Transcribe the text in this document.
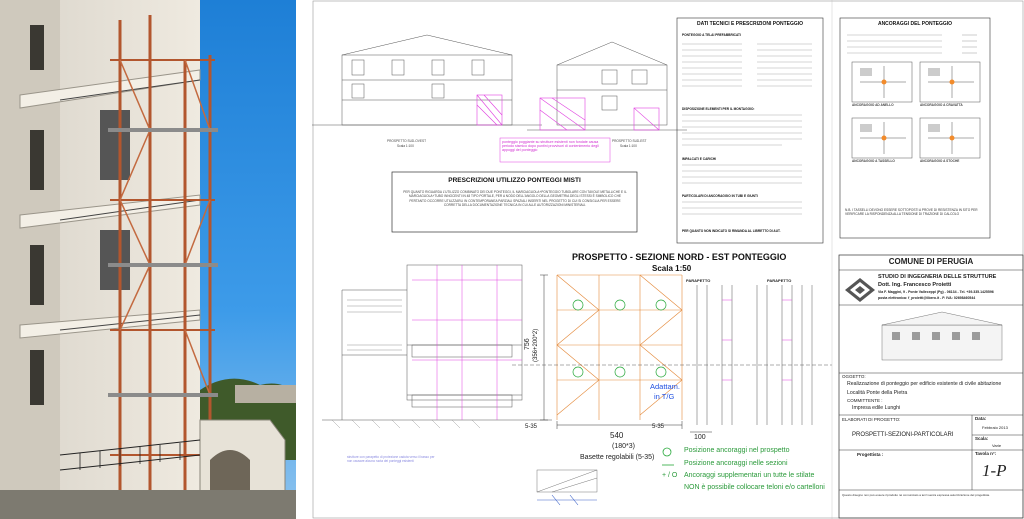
PROSPETTO SUD-OVEST
Scala 1:100
PROSPETTO SUD-EST
Scala 1:100
ponteggio poggiante su strutture esistenti non fondate causa periodo sismico dopo puntini provvisori di contenimento degli appoggi del ponteggio
PRESCRIZIONI UTILIZZO PONTEGGI MISTI
PER QUANTO RIGUARDA L'UTILIZZO COMBINATO DEI DUE PONTEGGI, IL MARCIAGUOLA+PONTEGGIO TUBOLARE CON TAVOLE METALLICHE E IL MARCIAGUOLA+TUBO INNOCENTI IN 48 TIPO PORTALE, PER A NODO DELL'ANGOLO DELLA GEOMETRIA DEGLI STESSI È SIMBOLICO CHE PERTANTO OCCORRE UTILIZZARLI IN CONTEMPORANEA PARZIALI SPAZIALI INSERITI NEL PROGETTO DI CUI SI CONSIGLIA PER ESSERE CORRETTA DELLA DOCUMENTAZIONE TECNICA IN CUI ALLE AUTORIZZAZIONI MINISTERIALI.
DATI TECNICI E PRESCRIZIONI PONTEGGIO
PONTEGGIO A TELAI PREFABBRICATI
DISPOSIZIONE ELEMENTI PER IL MONTAGGIO:
IMPALCATI E CARICHI
PARTICOLARI DI ANCORAGGIO IN TUBI E GIUNTI
PER QUANTO NON INDICATO SI RIMANDA AL LIBRETTO DI AUT.
ANCORAGGI DEL PONTEGGIO
ANCORAGGIO AD ANELLO	ANCORAGGIO A CRAVATTA
ANCORAGGIO A TASSELLO	ANCORAGGIO A STOCHE
N.B. I TASSELLI DEVONO ESSERE SOTTOPOSTI A PROVE DI RESISTENZA IN SITO PER VERIFICARE LA RISPONDENZA ALLA TENSIONE DI TRAZIONE DI CALCOLO
PROSPETTO - SEZIONE NORD - EST PONTEGGIO
Scala 1:50
PARAPETTO	PARAPETTO
756 (356+200*2)
540
(180*3)
5-35	5-35
Basette regolabili (5-35)
Adattam.
in T/G
100
strutture con parapetto di protezione caduta verso il basso per non causare alcuna ruota dei ponteggi esistenti
Posizione ancoraggi nel prospetto
Posizione ancoraggi nelle sezioni
+ / O Ancoraggi supplementari un tutte le stilate
NON è possibile collocare teloni e/o cartelloni
COMUNE DI PERUGIA
STUDIO DI INGEGNERIA DELLE STRUTTURE
Dott. Ing. Francesco Proietti
Via F. Maggini, 9 - Ponte Valleceppi (Pg) - 06134 - Tel. +39.335.1425596
posta elettronica: f_proietti@libero.it - P. IVA: 02698460544
OGGETTO:
Realizzazione di ponteggio per edificio esistente di civile abitazione
Località Ponte della Pietra
COMMITTENTE :
Impresa edile Lunghi
ELABORATI DI PROGETTO:
PROSPETTI-SEZIONI-PARTICOLARI
Progettista :
Data:
Febbraio 2013
Scala:
Varie
Tavola n°:
1-P
Questo disegno non può essere riprodotto nè comunicato a terzi senza espressa autorizzazione del progettista.
